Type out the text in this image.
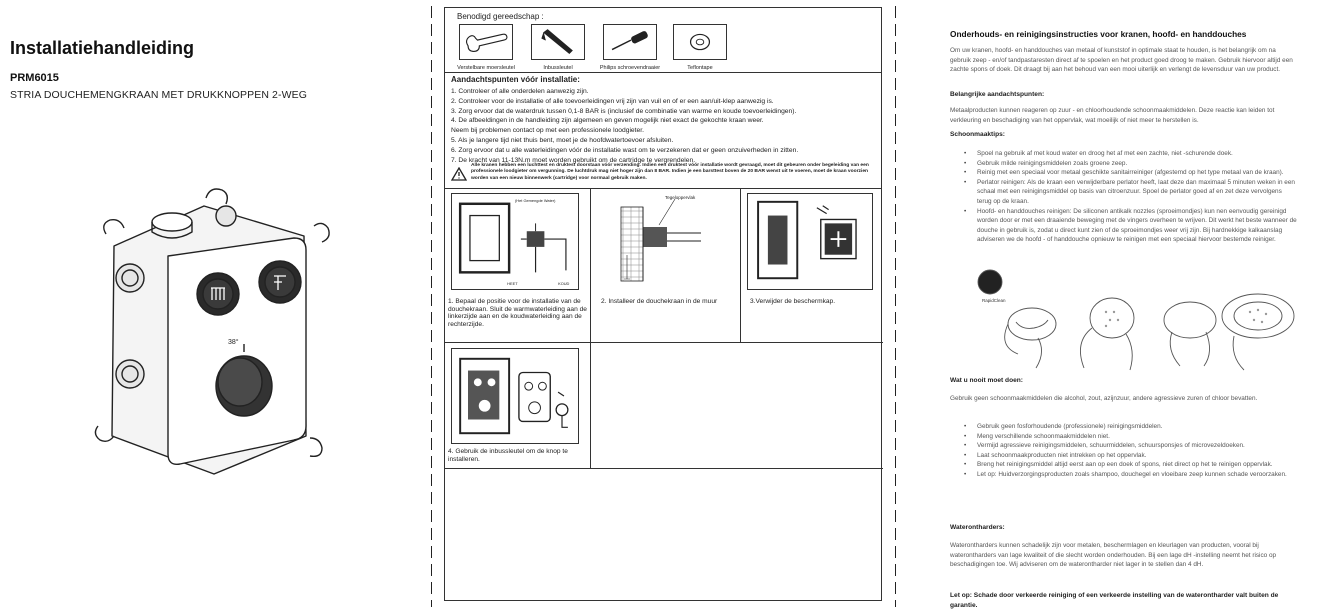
Installatiehandleiding
PRM6015
STRIA DOUCHEMENGKRAAN MET DRUKKNOPPEN 2-WEG
38°
Benodigd gereedschap :
Verstelbare moersleutel	Inbussleutel	Philips schroevendraaier	Teflontape
Aandachtspunten vóór installatie:
1. Controleer of alle onderdelen aanwezig zijn.
2. Controleer voor de installatie of alle toevoerleidingen vrij zijn van vuil en of er een aan/uit-klep aanwezig is.
3. Zorg ervoor dat de waterdruk tussen 0,1-8 BAR is (inclusief de combinatie van warme en koude toevoerleidingen).
4. De afbeeldingen in de handleiding zijn algemeen en geven mogelijk niet exact de gekochte kraan weer.
Neem bij problemen contact op met een professionele loodgieter.
5. Als je langere tijd niet thuis bent, moet je de hoofdwatertoevoer afsluiten.
6. Zorg ervoor dat u alle waterleidingen vóór de installatie wast om te verzekeren dat er geen onzuiverheden in zitten.
7. De kracht van 11-13N.m moet worden gebruikt om de cartridge te vergrendelen.
Alle kranen hebben een luchttest en druktest doorstaan vóór verzending. Indien een druktest vóór installatie wordt gevraagd, moet dit gebeuren onder begeleiding van een professionele loodgieter om vergunning. De luchtdruk mag niet hoger zijn dan 8 BAR. Indien je een barsttest boven de 20 BAR wenst uit te voeren, moet de kraan voorzien worden van een nieuw binnenwerk (cartridge) voor normaal gebruik maken.
(Het Gemengde Water)
HEET	KOUD
1. Bepaal de positie voor de installatie van de douchekraan. Sluit de warmwaterleiding aan de linkerzijde aan en de koudwaterleiding aan de rechterzijde.
Tegeloppervlak
2. Installeer de douchekraan in de muur	3.Verwijder de beschermkap.
4. Gebruik de inbussleutel om de knop te installeren.
Onderhouds- en reinigingsinstructies voor kranen, hoofd- en handdouches
Om uw kranen, hoofd- en handdouches van metaal of kunststof in optimale staat te houden, is het belangrijk om na gebruik zeep - en/of tandpastaresten direct af te spoelen en het product goed droog te maken. Gebruik hiervoor altijd een zachte spons of doek. Dit draagt bij aan het behoud van een mooi uiterlijk en verlengt de levensduur van uw product.
Belangrijke aandachtspunten:
Metaalproducten kunnen reageren op zuur - en chloorhoudende schoonmaakmiddelen. Deze reactie kan leiden tot verkleuring en beschadiging van het oppervlak, wat moeilijk of niet meer te herstellen is.
Schoonmaaktips:
• Spoel na gebruik af met koud water en droog het af met een zachte, niet -schurende doek.
• Gebruik milde reinigingsmiddelen zoals groene zeep.
• Reinig met een speciaal voor metaal geschikte sanitairreiniger (afgestemd op het type metaal van de kraan).
• Perlator reinigen: Als de kraan een verwijderbare perlator heeft, laat deze dan maximaal 5 minuten weken in een schaal met een reinigingsmiddel op basis van citroenzuur. Spoel de perlator goed af en zet deze vervolgens terug op de kraan.
• Hoofd- en handdouches reinigen: De siliconen antikalk nozzles (sproeimondjes) kun nen eenvoudig gereinigd worden door er met een draaiende beweging met de vingers overheen te wrijven. Dit werkt het beste wanneer de douche in gebruik is, zodat u direct kunt zien of de sproeimondjes weer vrij zijn. Bij hardnekkige kalkaanslag adviseren we de hoofd - of handdouche opnieuw te reinigen met een speciaal hiervoor bestemde reiniger.
RapidClean
Wat u nooit moet doen:
Gebruik geen schoonmaakmiddelen die alcohol, zout, azijnzuur, andere agressieve zuren of chloor bevatten.
• Gebruik geen fosforhoudende (professionele) reinigingsmiddelen.
• Meng verschillende schoonmaakmiddelen niet.
• Vermijd agressieve reinigingsmiddelen, schuurmiddelen, schuursponsjes of microvezeldoeken.
• Laat schoonmaakproducten niet intrekken op het oppervlak.
• Breng het reinigingsmiddel altijd eerst aan op een doek of spons, niet direct op het te reinigen oppervlak.
• Let op: Huidverzorgingsproducten zoals shampoo, douchegel en vloeibare zeep kunnen schade veroorzaken.
Waterontharders:
Waterontharders kunnen schadelijk zijn voor metalen, beschermlagen en kleurlagen van producten, vooral bij waterontharders van lage kwaliteit of die slecht worden onderhouden. Bij een lage dH -instelling neemt het risico op beschadigingen toe. Wij adviseren om de waterontharder niet lager in te stellen dan 4 dH.
Let op: Schade door verkeerde reiniging of een verkeerde instelling van de waterontharder valt buiten de garantie.
